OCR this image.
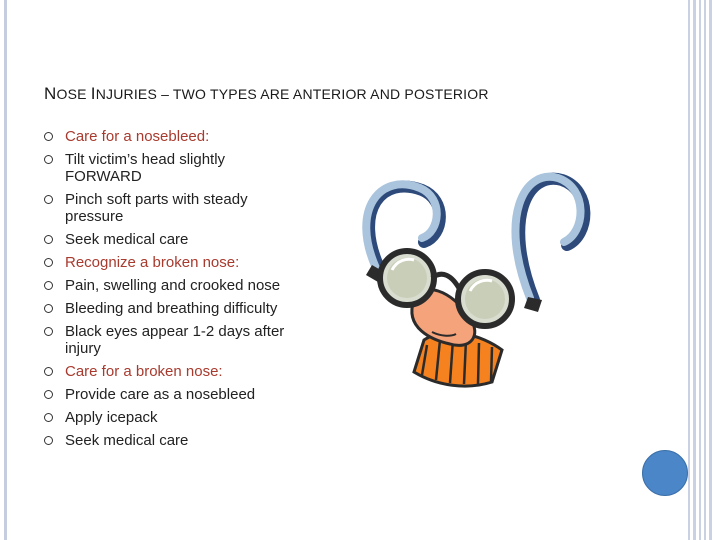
NOSE INJURIES – TWO TYPES ARE ANTERIOR AND POSTERIOR
Care for a nosebleed:
Tilt victim’s head slightly FORWARD
Pinch soft parts with steady pressure
Seek medical care
Recognize a broken nose:
Pain, swelling and crooked nose
Bleeding and breathing difficulty
Black eyes appear 1-2 days after injury
Care for a broken nose:
Provide care as a nosebleed
Apply icepack
Seek medical care
